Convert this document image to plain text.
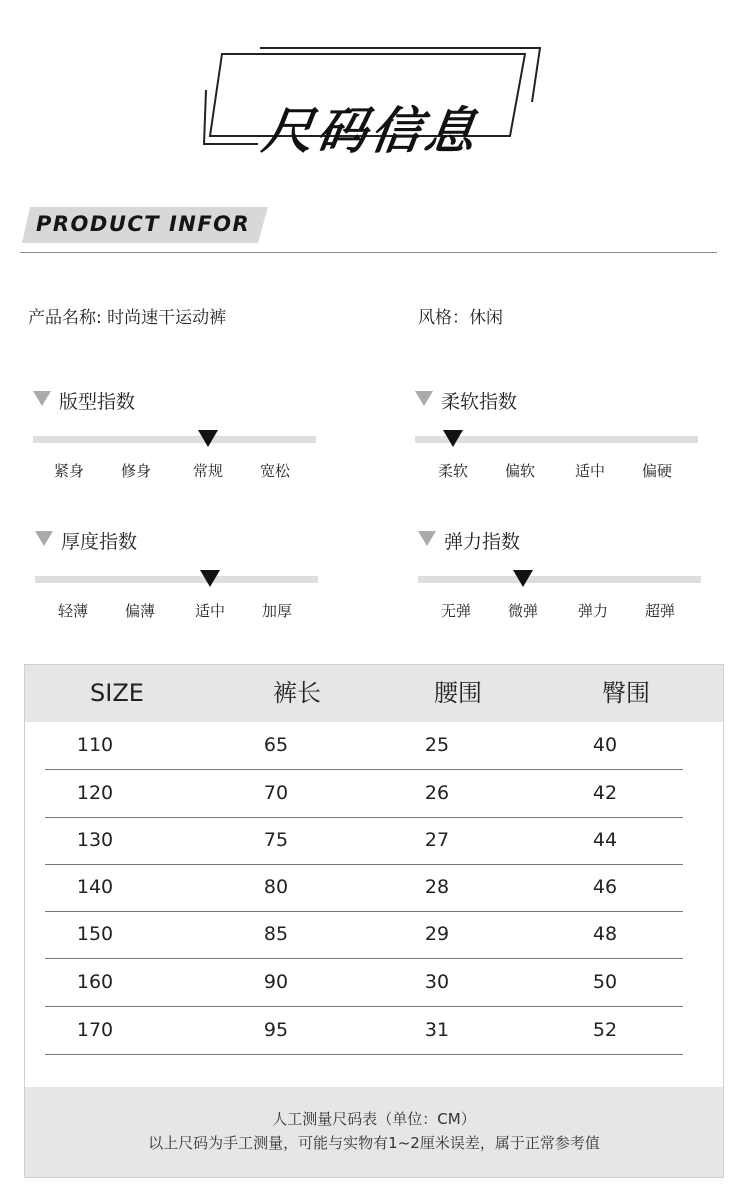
尺码信息
PRODUCT INFOR
产品名称: 时尚速干运动裤	风格：休闲
版型指数
紧身	修身	常规	宽松
柔软指数
柔软	偏软	适中	偏硬
厚度指数
轻薄	偏薄	适中	加厚
弹力指数
无弹	微弹	弹力	超弹
SIZE	裤长	腰围	臀围
110	65	25	40
120	70	26	42
130	75	27	44
140	80	28	46
150	85	29	48
160	90	30	50
170	95	31	52
人工测量尺码表（单位：CM）
以上尺码为手工测量，可能与实物有1~2厘米误差，属于正常参考值
